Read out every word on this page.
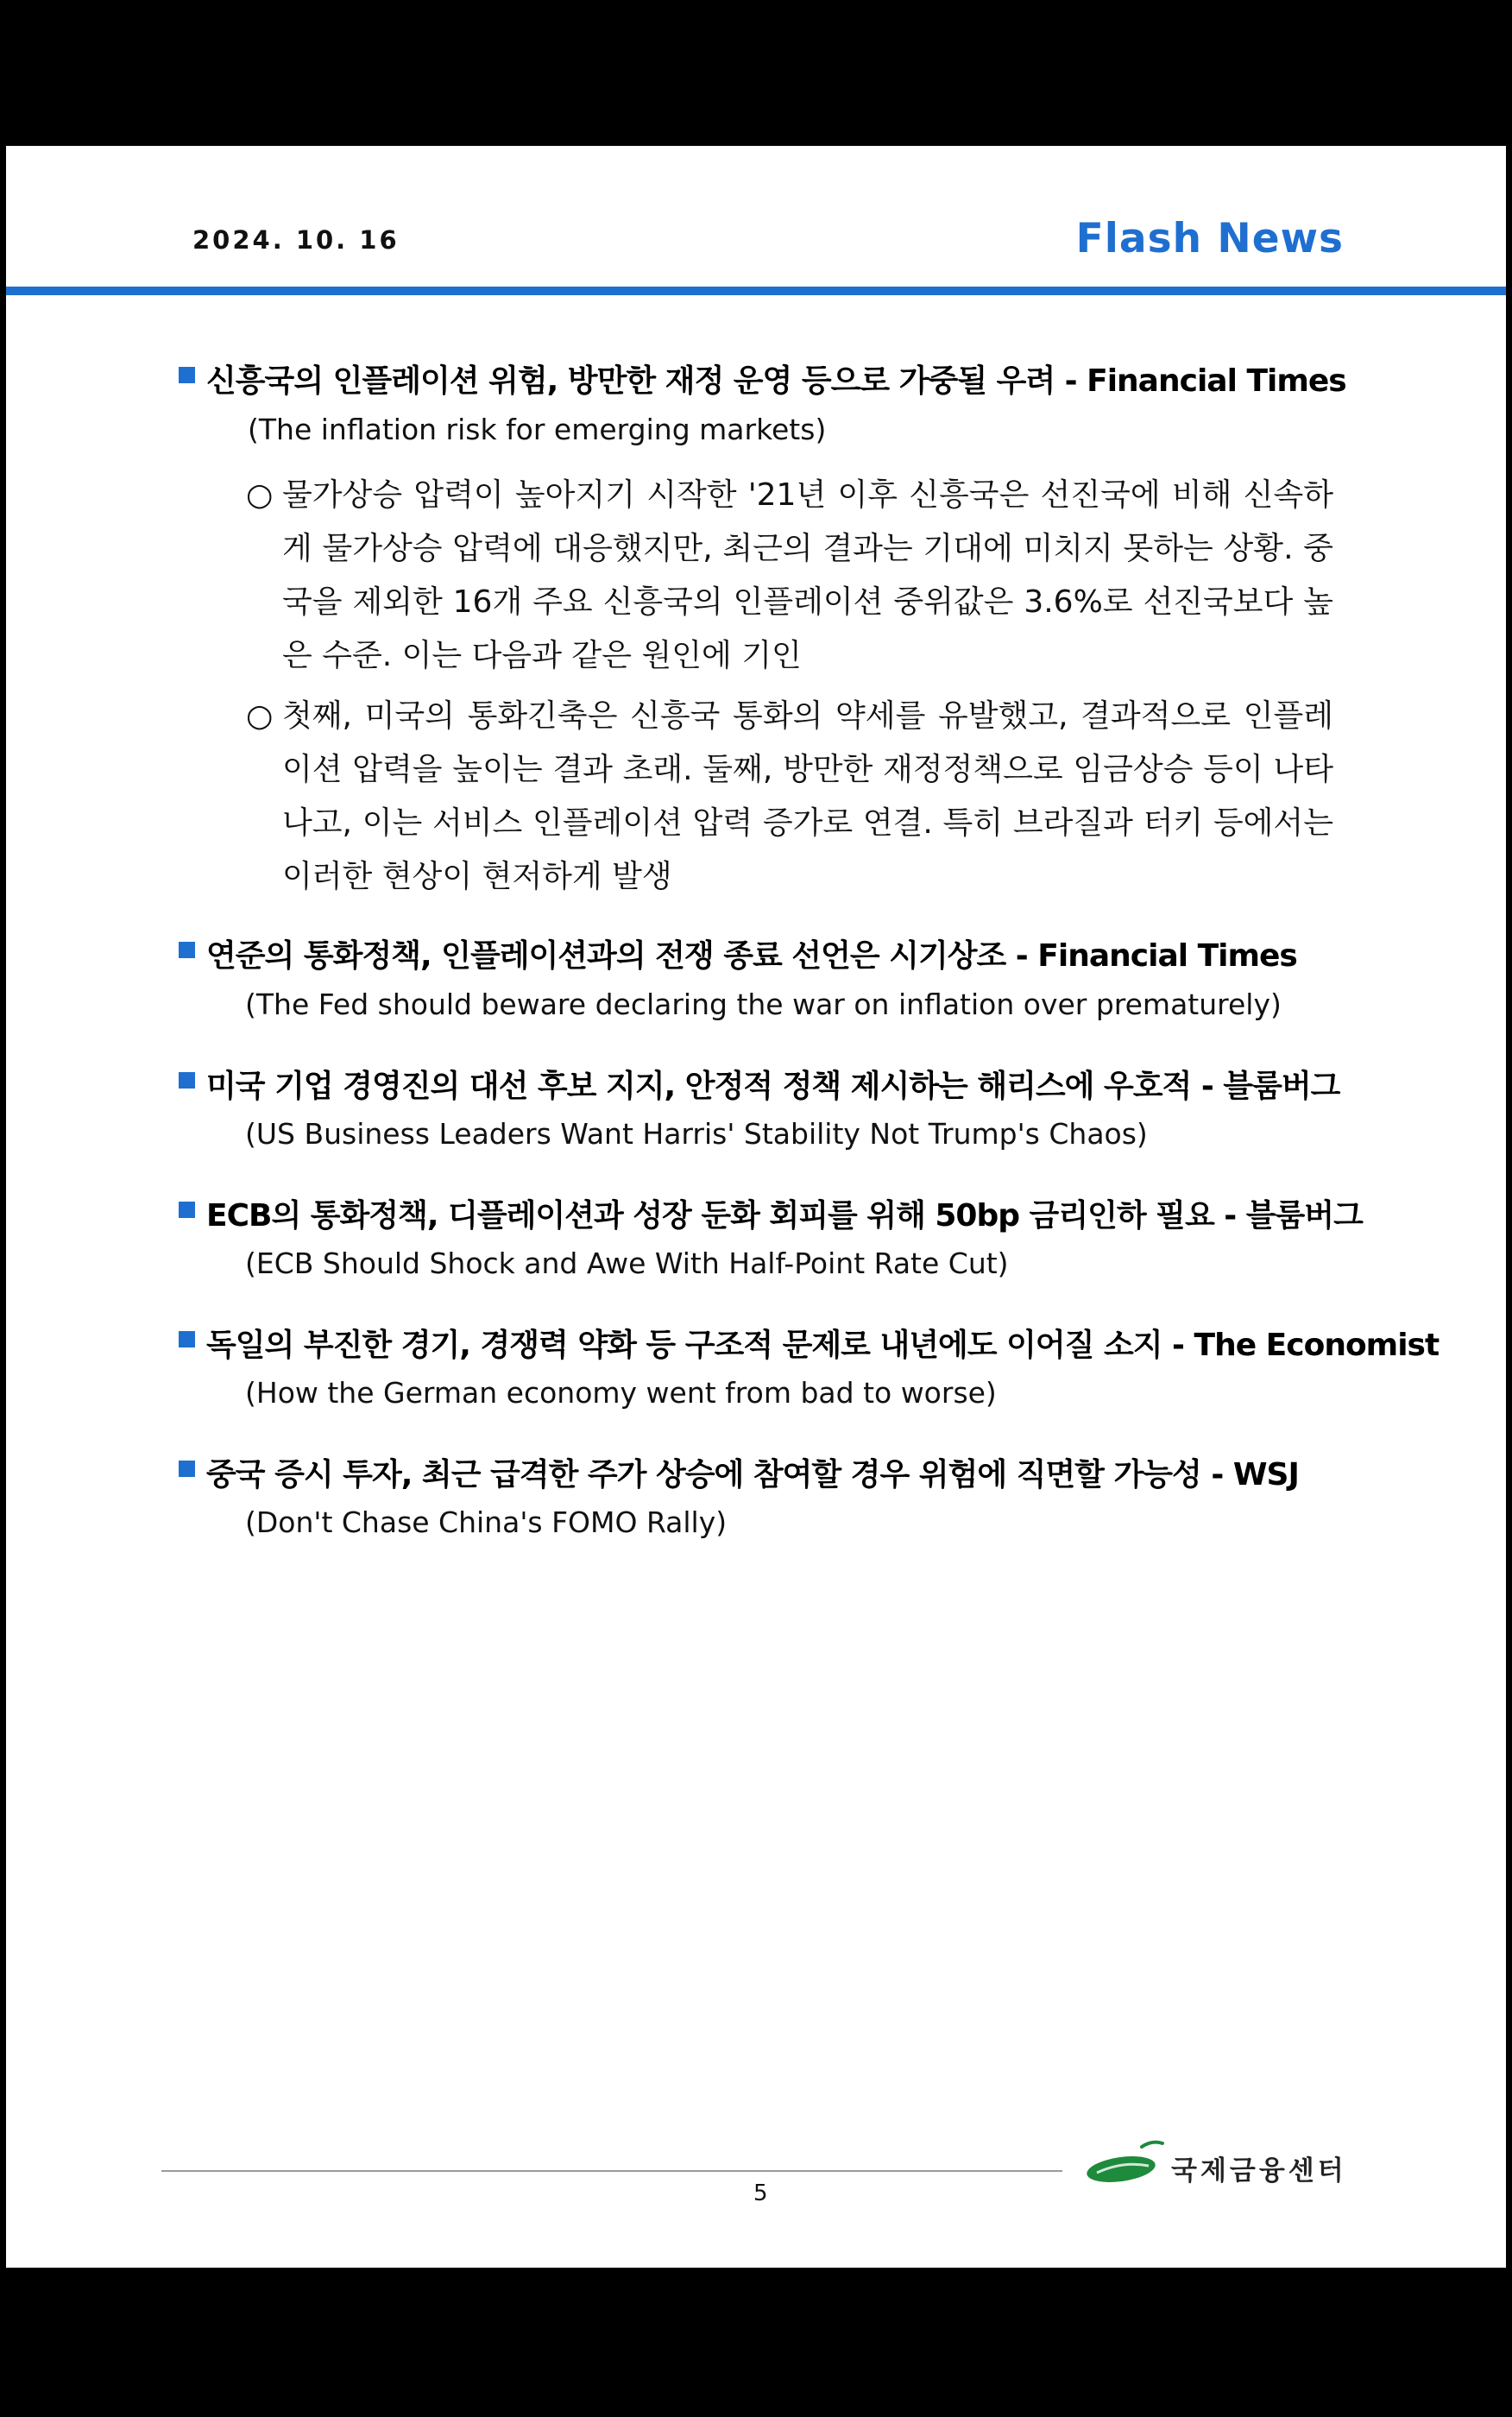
2024. 10. 16	Flash News
신흥국의 인플레이션 위험, 방만한 재정 운영 등으로 가중될 우려 - Financial Times
(The inflation risk for emerging markets)
○ 물가상승 압력이 높아지기 시작한 '21년 이후 신흥국은 선진국에 비해 신속하게 물가상승 압력에 대응했지만, 최근의 결과는 기대에 미치지 못하는 상황. 중국을 제외한 16개 주요 신흥국의 인플레이션 중위값은 3.6%로 선진국보다 높은 수준. 이는 다음과 같은 원인에 기인
○ 첫째, 미국의 통화긴축은 신흥국 통화의 약세를 유발했고, 결과적으로 인플레이션 압력을 높이는 결과 초래. 둘째, 방만한 재정정책으로 임금상승 등이 나타나고, 이는 서비스 인플레이션 압력 증가로 연결. 특히 브라질과 터키 등에서는 이러한 현상이 현저하게 발생
연준의 통화정책, 인플레이션과의 전쟁 종료 선언은 시기상조 - Financial Times
(The Fed should beware declaring the war on inflation over prematurely)
미국 기업 경영진의 대선 후보 지지, 안정적 정책 제시하는 해리스에 우호적 - 블룸버그
(US Business Leaders Want Harris' Stability Not Trump's Chaos)
ECB의 통화정책, 디플레이션과 성장 둔화 회피를 위해 50bp 금리인하 필요 - 블룸버그
(ECB Should Shock and Awe With Half-Point Rate Cut)
독일의 부진한 경기, 경쟁력 약화 등 구조적 문제로 내년에도 이어질 소지 - The Economist
(How the German economy went from bad to worse)
중국 증시 투자, 최근 급격한 주가 상승에 참여할 경우 위험에 직면할 가능성 - WSJ
(Don't Chase China's FOMO Rally)
5
국제금융센터
